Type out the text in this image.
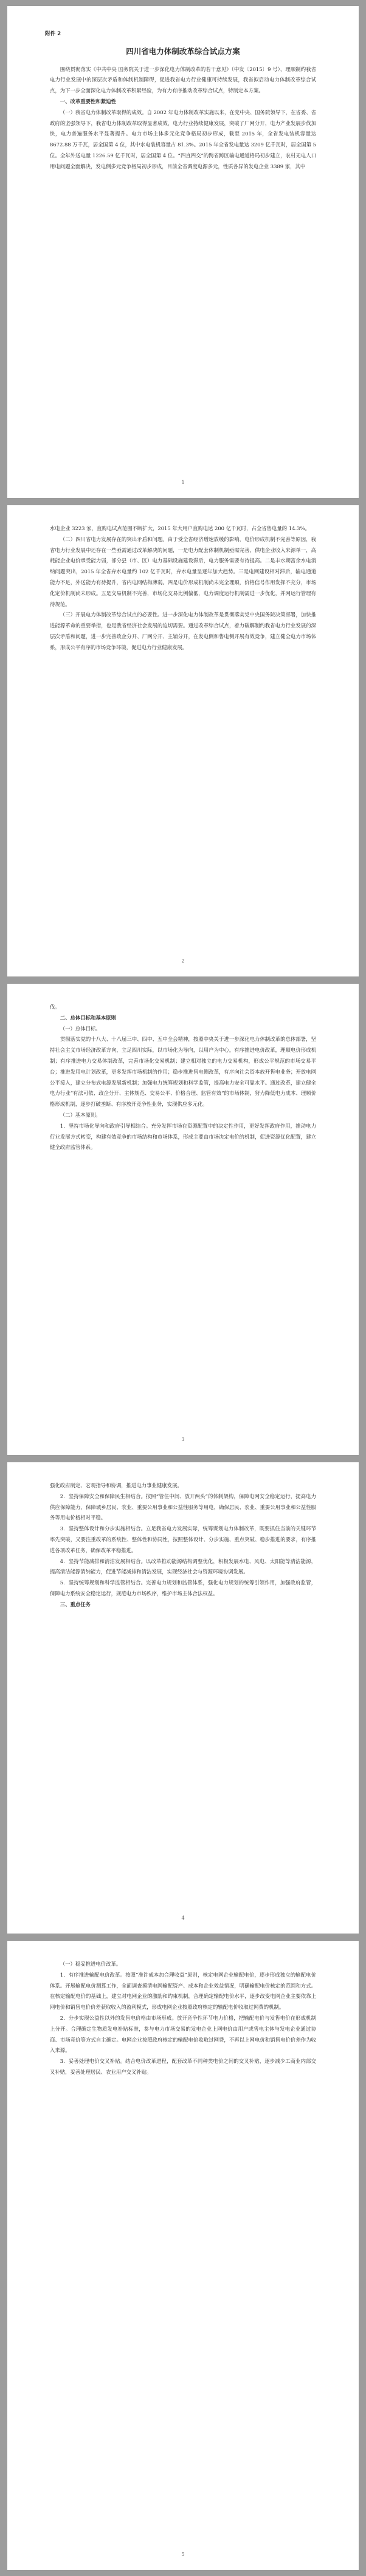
附件 2
四川省电力体制改革综合试点方案

围绕贯彻落实《中共中央 国务院关于进一步深化电力体制改革的若干意见》（中发〔2015〕9 号），理顺制约我省电力行业发展中的深层次矛盾和体制机制障碍，促进我省电力行业健康可持续发展，我省拟启动电力体制改革综合试点，为下一步全面深化电力体制改革积累经验，为有力有序推动改革综合试点，特制定本方案。

一、改革重要性和紧迫性

（一）我省电力体制改革取得的成效。自 2002 年电力体制改革实施以来，在党中央、国务院领导下，在省委、省政府的坚强领导下，我省电力体制改革取得显著成效，电力行业持续健康发展，突破了厂网分开，电力产业发展步伐加快，电力普遍服务水平显著提升。电力市场主体多元化竞争格局初步形成，截至 2015 年，全省发电装机容量达 8672.88 万千瓦，居全国第 4 位，其中水电装机容量占 81.3%。2015 年全省发电量达 3209 亿千瓦时，居全国第 5 位。全年外送电量 1226.59 亿千瓦时，居全国第 4 位。“四直四交”的跨省跨区输电通道格局初步建立，农村无电人口用电问题全面解决，发电侧多元竞争格局初步形成，目前全省调度电源多元，性质各异的发电企业 3389 家，其中

1

水电企业 3223 家，直购电试点范围不断扩大，2015 年大用户直购电达 200 亿千瓦时，占全省售电量的 14.3%。

（二）四川省电力发展存在的突出矛盾和问题。由于受全省经济增速放缓的影响，电价形成机制不完善等原因，我省电力行业发展中还存在一些亟需通过改革解决的问题，一是电力配套体制机制亟需完善，供电企业收入来源单一，高耗能企业电价承受能力弱，部分县（市、区）电力基础设施建设滞后，电力服务需要有待提高。二是丰水期富余水电消纳问题突出，2015 年全省弃水电量约 102 亿千瓦时，弃水电量呈逐年加大趋势。三是电网建设相对滞后，输电通道能力不足，外送能力有待提升，省内电网结构薄弱。四是电价形成机制尚未完全理顺，价格信号作用发挥不充分，市场化定价机制尚未形成。五是交易机制不完善，市场化交易比例偏低，电力调度运行机制需进一步优化，并网运行管理有待规范。

（三）开展电力体制改革综合试点的必要性。进一步深化电力体制改革是贯彻落实党中央国务院决策部署，加快推进能源革命的重要举措，也是我省经济社会发展的迫切需要。通过改革综合试点，着力破解制约我省电力行业发展的深层次矛盾和问题，进一步完善政企分开、厂网分开、主辅分开，在发电侧和售电侧开展有效竞争，建立健全电力市场体系，形成公平有序的市场竞争环境，促进电力行业健康发展。

2

伐。

二、总体目标和基本原则

（一）总体目标。

贯彻落实党的十八大、十八届三中、四中、五中全会精神，按照中央关于进一步深化电力体制改革的总体部署，坚持社会主义市场经济改革方向，立足四川实际，以市场化为导向，以用户为中心，有序推进电价改革，理顺电价形成机制；有序推进电力交易体制改革，完善市场化交易机制；建立相对独立的电力交易机构，形成公平规范的市场交易平台；推进发用电计划改革，更多发挥市场机制的作用；稳步推进售电侧改革，有序向社会资本放开售电业务；开放电网公平接入，建立分布式电源发展新机制；加强电力统筹规划和科学监管，提高电力安全可靠水平。通过改革，建立健全电力行业“有法可依、政企分开、主体规范、交易公平、价格合理、监管有效”的市场体制，努力降低电力成本、理顺价格形成机制，逐步打破垄断、有序放开竞争性业务，实现供应多元化。

（二）基本原则。

1．坚持市场化导向和政府引导相结合。充分发挥市场在资源配置中的决定性作用，更好发挥政府作用，推动电力行业发展方式转变，构建有效竞争的市场结构和市场体系，形成主要由市场决定电价的机制，促进资源优化配置，建立健全政府监管体系。

3

强化政府制定、宏观指导和协调，推进电力事业健康发展。

2．坚持保障安全和保障民生相结合。按照“管住中间、放开两头”的体制架构，保障电网安全稳定运行，提高电力供应保障能力，保障城乡居民、农业、重要公用事业和公益性服务等用电，确保居民、农业、重要公用事业和公益性服务等用电价格相对平稳。

3．坚持整体设计和分步实施相结合。立足我省电力发展实际，统筹谋划电力体制改革，既要抓住当前的关键环节率先突破，又要注重改革的系统性、整体性和协同性，按照整体设计、分步实施、重点突破、稳步推进的要求，有序推进各项改革任务，确保改革平稳推进。

4．坚持节能减排和清洁发展相结合。以改革推动能源结构调整优化，积极发展水电、风电、太阳能等清洁能源，提高清洁能源消纳能力，促进节能减排和清洁发展，实现经济社会与资源环境协调发展。

5．坚持统筹规划和科学监管相结合。完善电力规划和监管体系，强化电力规划的统筹引领作用，加强政府监管，保障电力系统安全稳定运行，规范电力市场秩序，维护市场主体合法权益。

三、重点任务

4

（一）稳妥推进电价改革。

1．有序推进输配电价改革。按照“准许成本加合理收益”原则，核定电网企业输配电价，逐步形成独立的输配电价体系。开展输配电价测算工作，全面调查摸清电网输配资产、成本和企业效益情况，明确输配电价核定的范围和方式。在核定输配电价的基础上，建立对电网企业的激励和约束机制，合理确定输配电价水平，逐步改变电网企业主要依靠上网电价和销售电价价差获取收入的盈利模式，形成电网企业按照政府核定的输配电价收取过网费的机制。

2．分步实现公益性以外的发售电价格由市场形成。放开竞争性环节电力价格，把输配电价与发售电价在形成机制上分开。合理确定生物质发电补贴标准，参与电力市场交易的发电企业上网电价由用户或售电主体与发电企业通过协商、市场竞价等方式自主确定。电网企业按照政府核定的输配电价收取过网费，不再以上网电价和销售电价价差作为收入来源。

3．妥善处理电价交叉补贴。结合电价改革进程，配套改革不同种类电价之间的交叉补贴，逐步减少工商业内部交叉补贴，妥善处理居民、农业用户交叉补贴。

5
